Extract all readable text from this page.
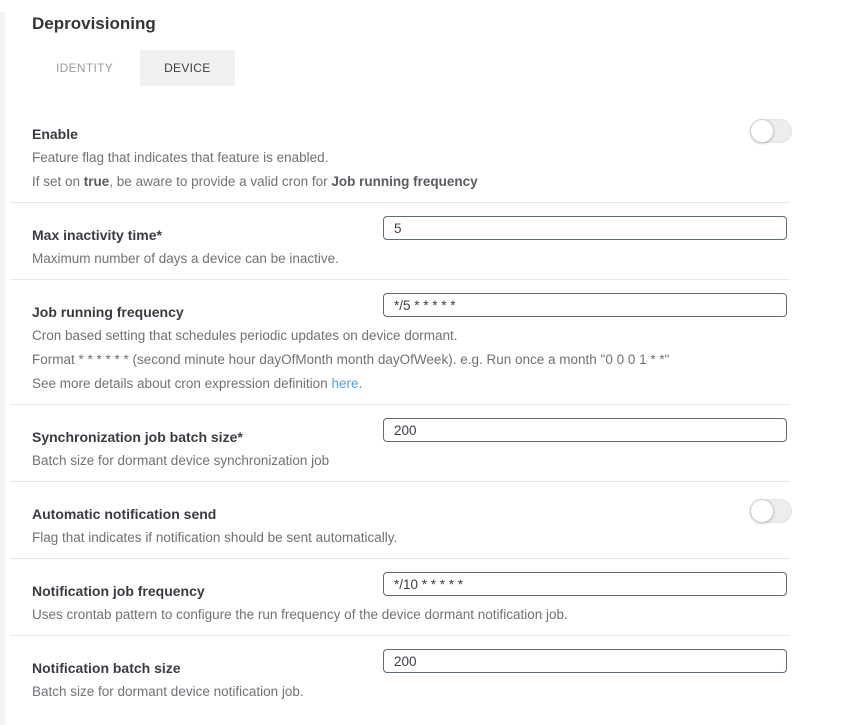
Deprovisioning
IDENTITY	DEVICE
Enable
Feature flag that indicates that feature is enabled.
If set on true, be aware to provide a valid cron for Job running frequency
5
Max inactivity time*
Maximum number of days a device can be inactive.
*/5 * * * * *
Job running frequency
Cron based setting that schedules periodic updates on device dormant.
Format * * * * * * (second minute hour dayOfMonth month dayOfWeek). e.g. Run once a month "0 0 0 1 * *"
See more details about cron expression definition here.
200
Synchronization job batch size*
Batch size for dormant device synchronization job
Automatic notification send
Flag that indicates if notification should be sent automatically.
*/10 * * * * *
Notification job frequency
Uses crontab pattern to configure the run frequency of the device dormant notification job.
200
Notification batch size
Batch size for dormant device notification job.
